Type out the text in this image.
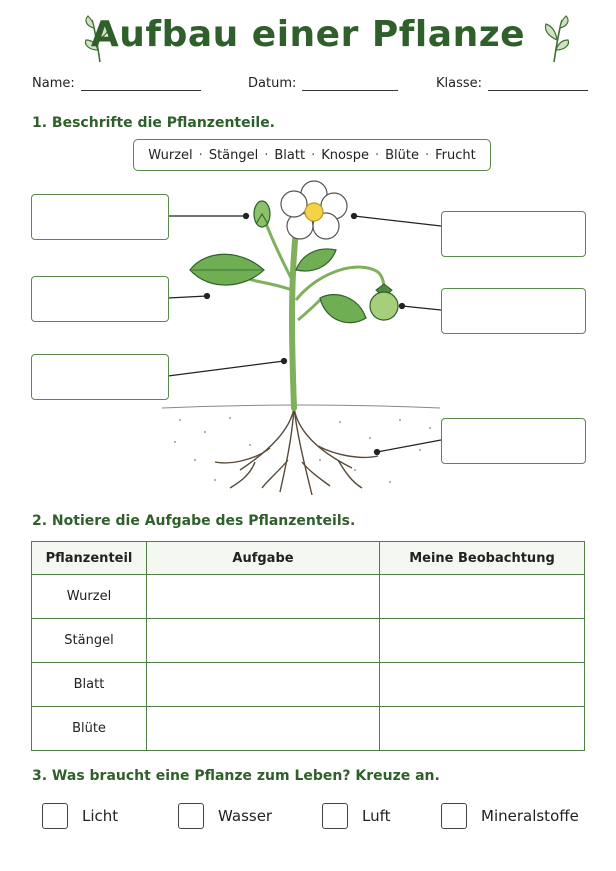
Aufbau einer Pflanze
Name:	Datum:	Klasse:
1. Beschrifte die Pflanzenteile.
Wurzel · Stängel · Blatt · Knospe · Blüte · Frucht
2. Notiere die Aufgabe des Pflanzenteils.
Pflanzenteil	Aufgabe	Meine Beobachtung
Wurzel		
Stängel		
Blatt		
Blüte		
3. Was braucht eine Pflanze zum Leben? Kreuze an.
Licht	Wasser	Luft	Mineralstoffe
